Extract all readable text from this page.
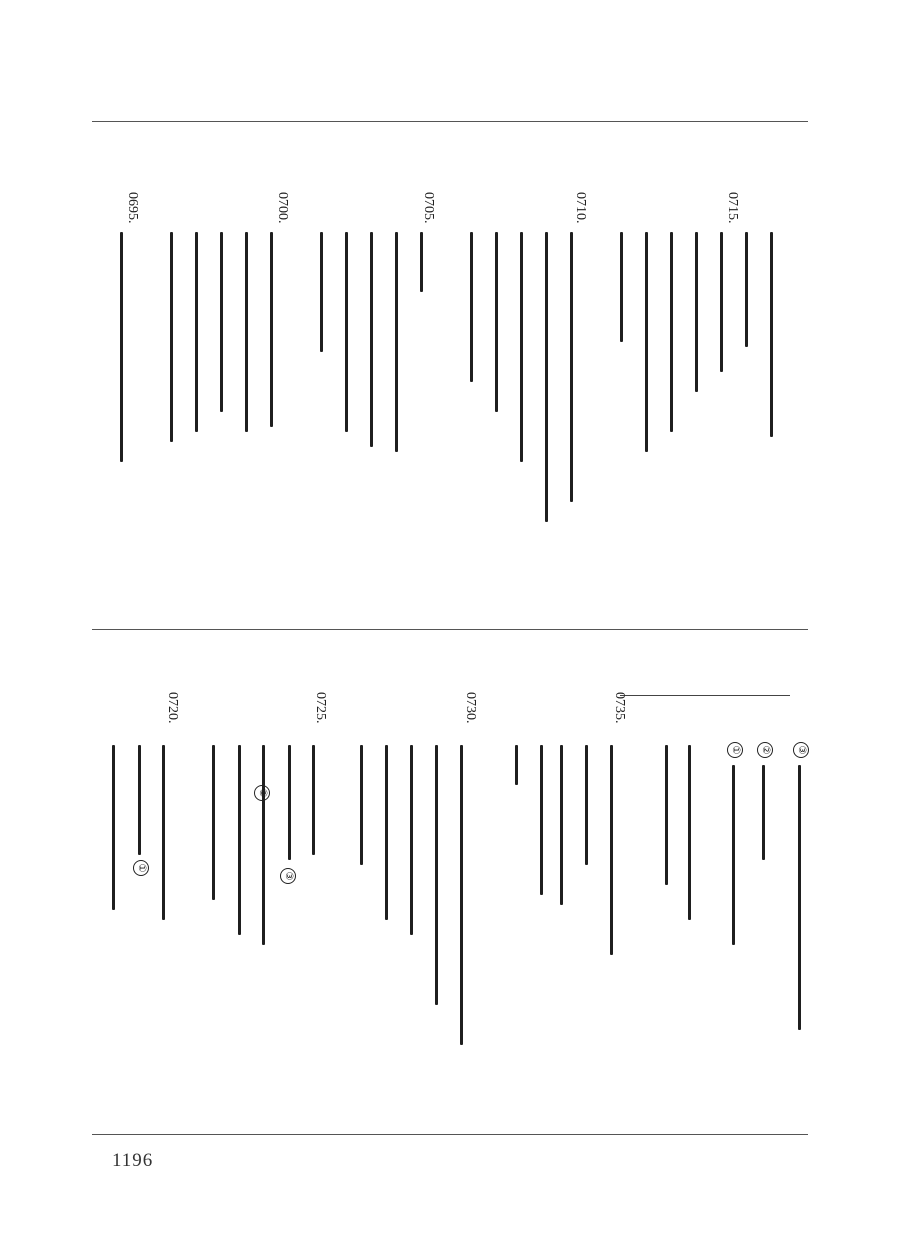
0710.
0705.	0715.
0700.
0695.
③
②
①
0735.
0730.
0725.
③
②
0720.
①
1196
